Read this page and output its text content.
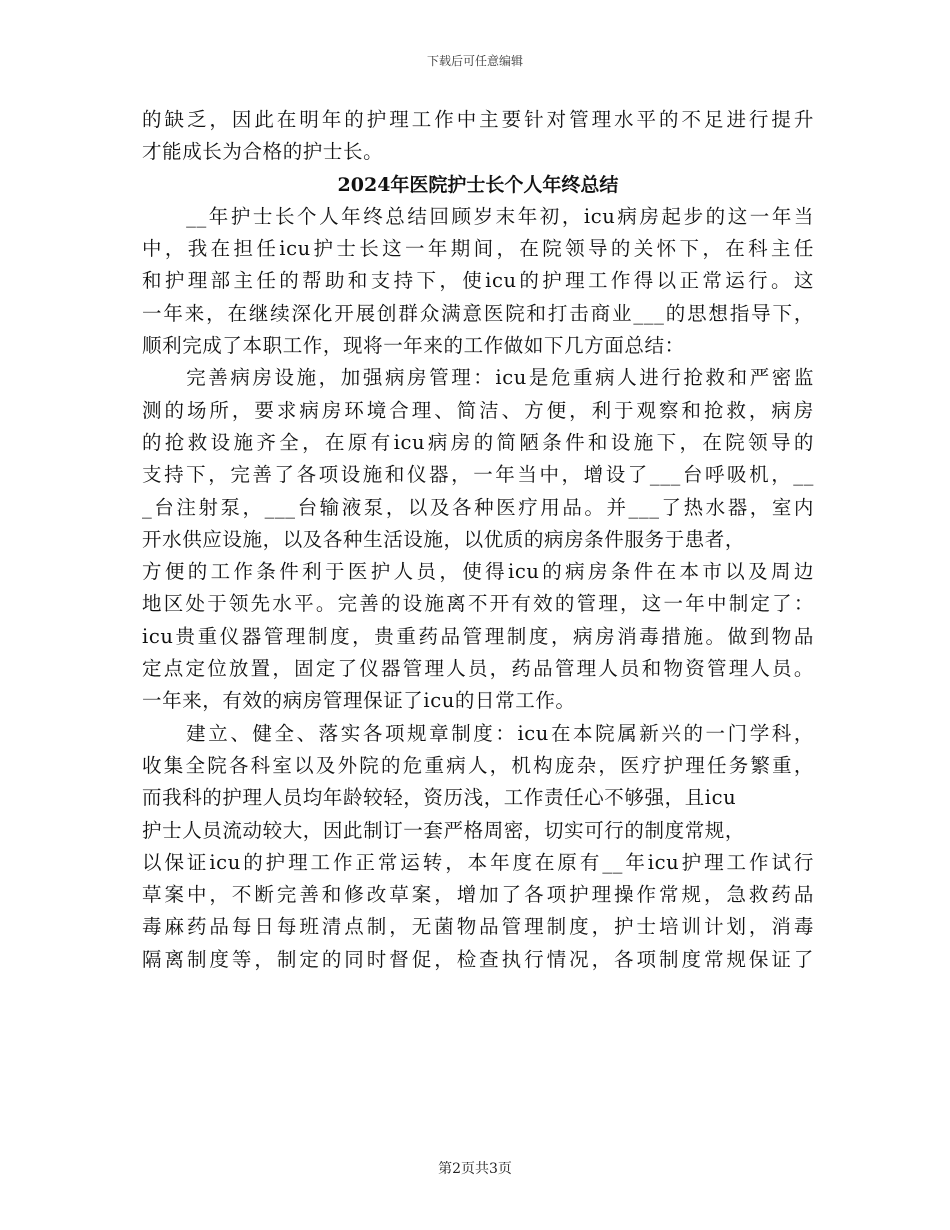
下载后可任意编辑
的缺乏，因此在明年的护理工作中主要针对管理水平的不足进行提升
才能成长为合格的护士长。
2024年医院护士长个人年终总结
　　__年护士长个人年终总结回顾岁末年初，icu病房起步的这一年当
中，我在担任icu护士长这一年期间，在院领导的关怀下，在科主任
和护理部主任的帮助和支持下，使icu的护理工作得以正常运行。这
一年来，在继续深化开展创群众满意医院和打击商业___的思想指导下，
顺利完成了本职工作，现将一年来的工作做如下几方面总结：
　　完善病房设施，加强病房管理：icu是危重病人进行抢救和严密监
测的场所，要求病房环境合理、简洁、方便，利于观察和抢救，病房
的抢救设施齐全，在原有icu病房的简陋条件和设施下，在院领导的
支持下，完善了各项设施和仪器，一年当中，增设了___台呼吸机，__
_台注射泵，___台输液泵，以及各种医疗用品。并___了热水器，室内
开水供应设施，以及各种生活设施，以优质的病房条件服务于患者，
方便的工作条件利于医护人员，使得icu的病房条件在本市以及周边
地区处于领先水平。完善的设施离不开有效的管理，这一年中制定了：
icu贵重仪器管理制度，贵重药品管理制度，病房消毒措施。做到物品
定点定位放置，固定了仪器管理人员，药品管理人员和物资管理人员。
一年来，有效的病房管理保证了icu的日常工作。
　　建立、健全、落实各项规章制度：icu在本院属新兴的一门学科，
收集全院各科室以及外院的危重病人，机构庞杂，医疗护理任务繁重，
而我科的护理人员均年龄较轻，资历浅，工作责任心不够强，且icu
护士人员流动较大，因此制订一套严格周密，切实可行的制度常规，
以保证icu的护理工作正常运转，本年度在原有__年icu护理工作试行
草案中，不断完善和修改草案，增加了各项护理操作常规，急救药品
毒麻药品每日每班清点制，无菌物品管理制度，护士培训计划，消毒
隔离制度等，制定的同时督促，检查执行情况，各项制度常规保证了
第2页共3页
